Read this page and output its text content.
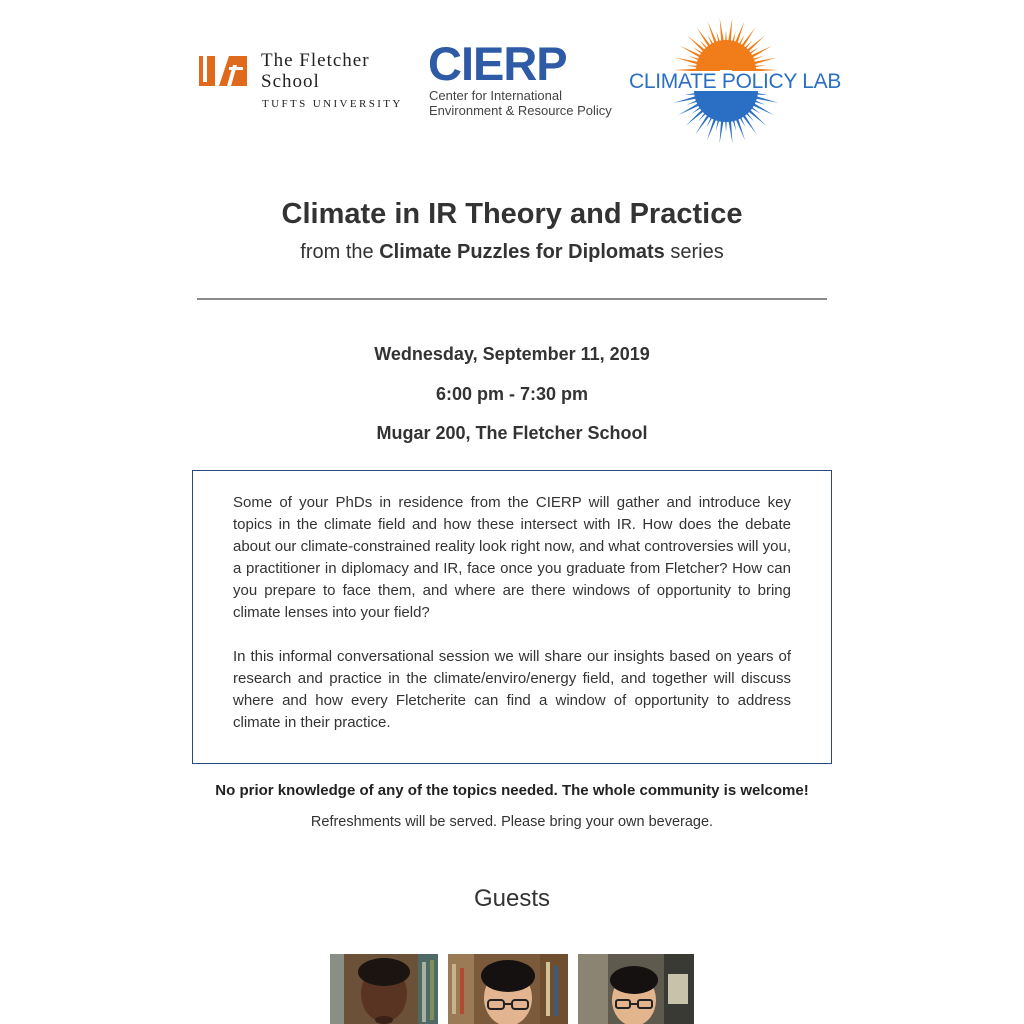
The Fletcher
School
TUFTS UNIVERSITY
CIERP
Center for International
Environment & Resource Policy
CLIMATE POLICY LAB
Climate in IR Theory and Practice
from the Climate Puzzles for Diplomats series
Wednesday, September 11, 2019
6:00 pm - 7:30 pm
Mugar 200, The Fletcher School

Some of your PhDs in residence from the CIERP will gather and introduce key topics in the climate field and how these intersect with IR. How does the debate about our climate-constrained reality look right now, and what controversies will you, a practitioner in diplomacy and IR, face once you graduate from Fletcher? How can you prepare to face them, and where are there windows of opportunity to bring climate lenses into your field?

In this informal conversational session we will share our insights based on years of research and practice in the climate/enviro/energy field, and together will discuss where and how every Fletcherite can find a window of opportunity to address climate in their practice.

No prior knowledge of any of the topics needed. The whole community is welcome!
Refreshments will be served. Please bring your own beverage.
Guests
